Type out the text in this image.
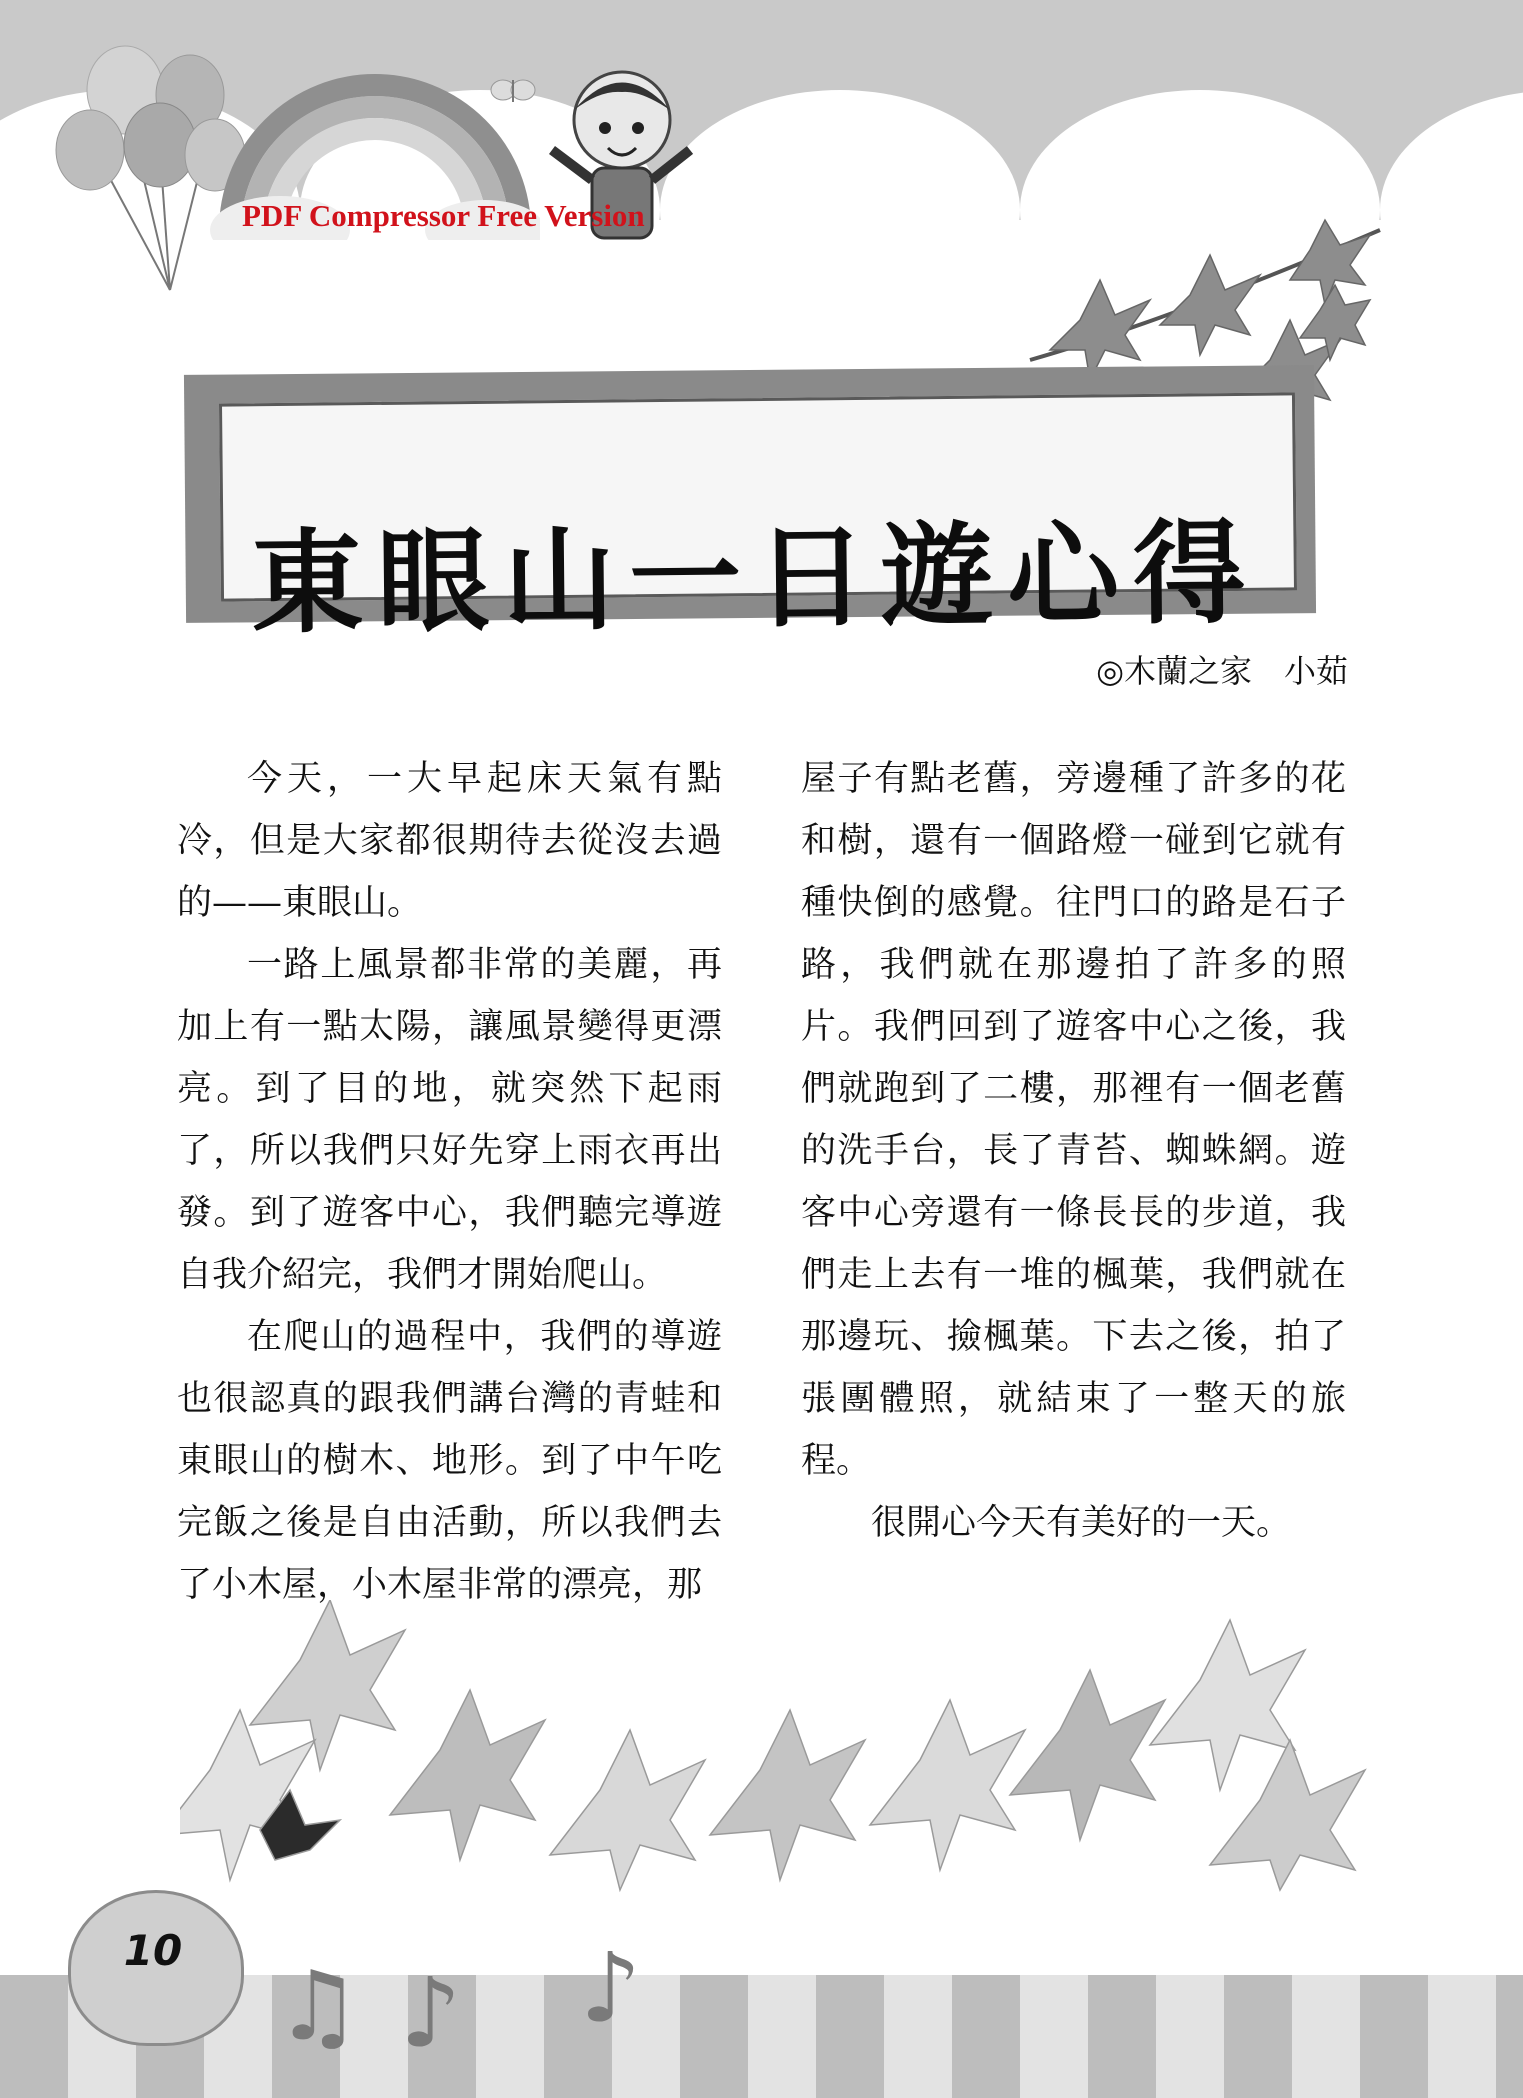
PDF Compressor Free Version
東眼山一日遊心得
◎木蘭之家　小茹

今天，一大早起床天氣有點冷，但是大家都很期待去從沒去過的——東眼山。

一路上風景都非常的美麗，再加上有一點太陽，讓風景變得更漂亮。到了目的地，就突然下起雨了，所以我們只好先穿上雨衣再出發。到了遊客中心，我們聽完導遊自我介紹完，我們才開始爬山。

在爬山的過程中，我們的導遊也很認真的跟我們講台灣的青蛙和東眼山的樹木、地形。到了中午吃完飯之後是自由活動，所以我們去了小木屋，小木屋非常的漂亮，那

屋子有點老舊，旁邊種了許多的花和樹，還有一個路燈一碰到它就有種快倒的感覺。往門口的路是石子路，我們就在那邊拍了許多的照片。我們回到了遊客中心之後，我們就跑到了二樓，那裡有一個老舊的洗手台，長了青苔、蜘蛛網。遊客中心旁還有一條長長的步道，我們走上去有一堆的楓葉，我們就在那邊玩、撿楓葉。下去之後，拍了張團體照，就結束了一整天的旅程。

很開心今天有美好的一天。

♫ ♪ ♪
10
